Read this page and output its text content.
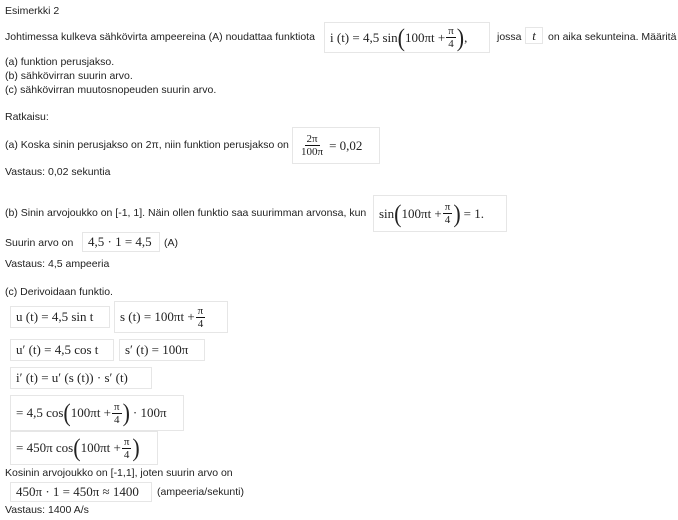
Esimerkki 2
Johtimessa kulkeva sähkövirta ampeereina (A) noudattaa funktiota i (t) = 4,5 sin ( $100\pi t + \frac{\pi}{4}$ ) ,	jossa t	on aika sekunteina. Määritä
(a) funktion perusjakso.
(b) sähkövirran suurin arvo.
(c) sähkövirran muutosnopeuden suurin arvo.
Ratkaisu:
(a) Koska sinin perusjakso on 2π, niin funktion perusjakso on $\frac{2\pi}{100\pi} = 0,02$
Vastaus: 0,02 sekuntia
(b) Sinin arvojoukko on [-1, 1]. Näin ollen funktio saa suurimman arvonsa, kun sin ( $100\pi t + \frac{\pi}{4}$ ) = 1.
Suurin arvo on	4,5 · 1 = 4,5	(A)
Vastaus: 4,5 ampeeria
(c) Derivoidaan funktio.
u (t) = 4,5 sin t	s $(t) = 100\pi t + \frac{\pi}{4}$
u′ (t) = 4,5 cos t	s′ (t) = 100π
i′ (t) = u′ (s (t)) · s′ (t)
= 4,5 cos ( $100\pi t + \frac{\pi}{4}$ ) · 100π
= 450π cos ( $100\pi t + \frac{\pi}{4}$ )
Kosinin arvojoukko on [-1,1], joten suurin arvo on
450π · 1 = 450π ≈ 1400	(ampeeria/sekunti)
Vastaus: 1400 A/s
